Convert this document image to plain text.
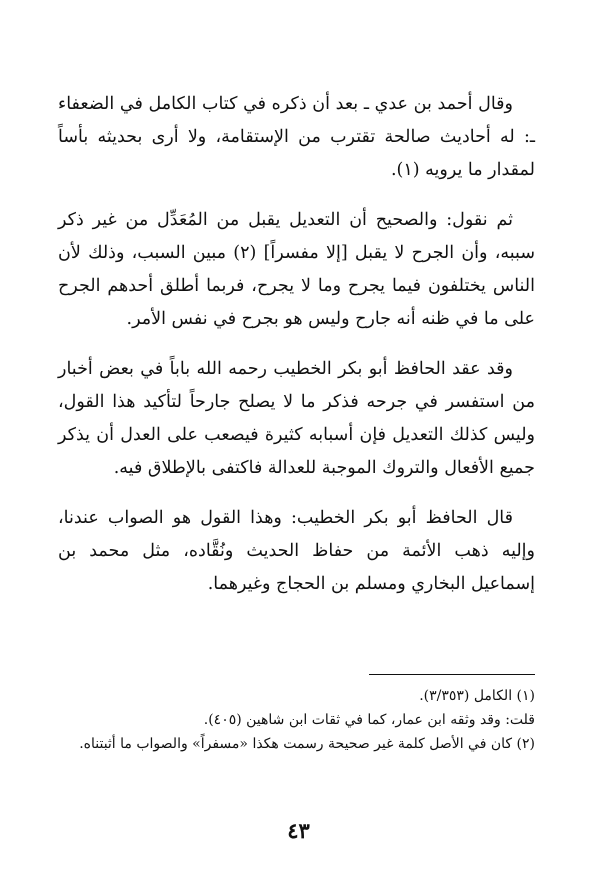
وقال أحمد بن عدي ـ بعد أن ذكره في كتاب الكامل في الضعفاء ـ: له أحاديث صالحة تقترب من الإستقامة، ولا أرى بحديثه بأساً لمقدار ما يرويه (١).

ثم نقول: والصحيح أن التعديل يقبل من المُعَدِّل من غير ذكر سببه، وأن الجرح لا يقبل [إلا مفسراً] (٢) مبين السبب، وذلك لأن الناس يختلفون فيما يجرح وما لا يجرح، فربما أطلق أحدهم الجرح على ما في ظنه أنه جارح وليس هو بجرح في نفس الأمر.

وقد عقد الحافظ أبو بكر الخطيب رحمه الله باباً في بعض أخبار من استفسر في جرحه فذكر ما لا يصلح جارحاً لتأكيد هذا القول، وليس كذلك التعديل فإن أسبابه كثيرة فيصعب على العدل أن يذكر جميع الأفعال والتروك الموجبة للعدالة فاكتفى بالإطلاق فيه.

قال الحافظ أبو بكر الخطيب: وهذا القول هو الصواب عندنا، وإليه ذهب الأئمة من حفاظ الحديث ونُقَّاده، مثل محمد بن إسماعيل البخاري ومسلم بن الحجاج وغيرهما.

(١) الكامل (٣/٣٥٣).

قلت: وقد وثقه ابن عمار، كما في ثقات ابن شاهين (٤٠٥).

(٢) كان في الأصل كلمة غير صحيحة رسمت هكذا «مسفراً» والصواب ما أثبتناه.

٤٣
